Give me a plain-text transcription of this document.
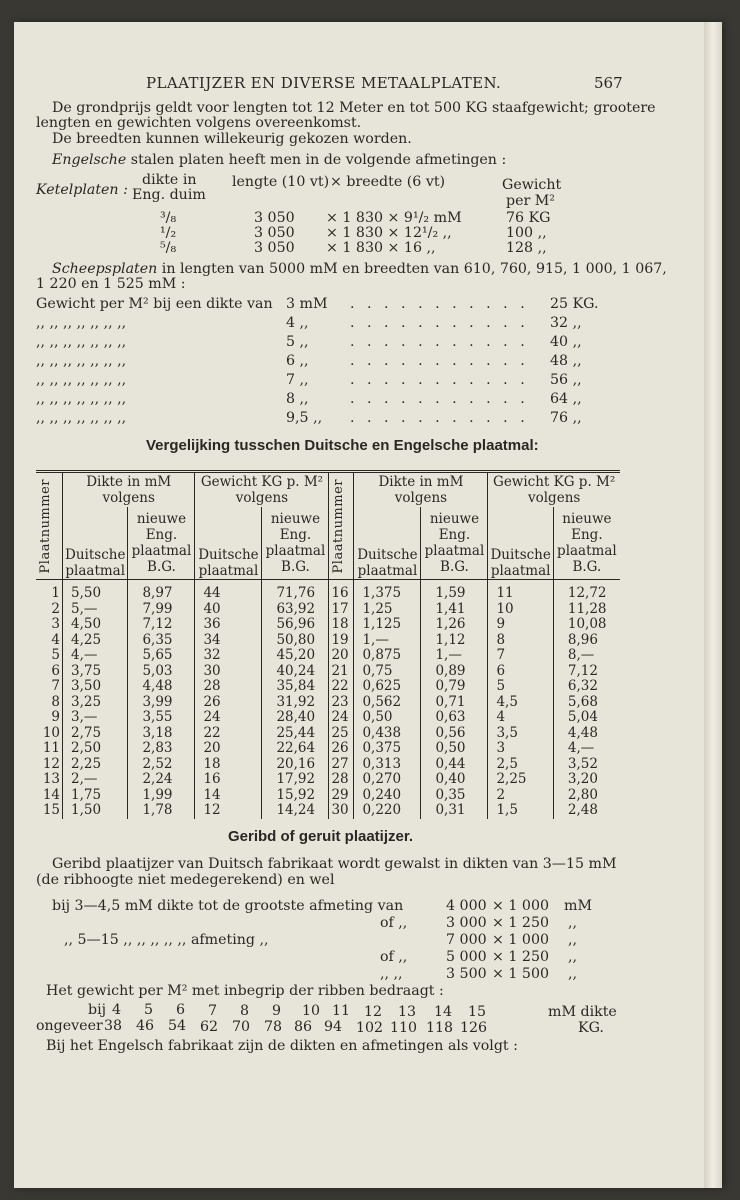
PLAATIJZER EN DIVERSE METAALPLATEN.	567
De grondprijs geldt voor lengten tot 12 Meter en tot 500 KG staafgewicht; grootere
lengten en gewichten volgens overeenkomst.
De breedten kunnen willekeurig gekozen worden.
Engelsche stalen platen heeft men in de volgende afmetingen :
Ketelplaten :
dikte in
Eng. duim
lengte (10 vt) × breedte (6 vt)	Gewicht
per M²
³/₈	3 050 × 1 830 × 9¹/₂ mM	76 KG
¹/₂	3 050 × 1 830 × 12¹/₂ ,,	100 ,,
⁵/₈	3 050 × 1 830 × 16 ,,	128 ,,
Scheepsplaten in lengten van 5000 mM en breedten van 610, 760, 915, 1 000, 1 067,
1 220 en 1 525 mM :
Gewicht per M² bij een dikte van 3 mM . . . . . . . . . . . 25 KG.
,, ,, ,, ,, ,, ,, ,,	4 ,,	. . . . . . . . . . . 32 ,,
,, ,, ,, ,, ,, ,, ,,	5 ,,	. . . . . . . . . . . 40 ,,
,, ,, ,, ,, ,, ,, ,,	6 ,,	. . . . . . . . . . . 48 ,,
,, ,, ,, ,, ,, ,, ,,	7 ,,	. . . . . . . . . . . 56 ,,
,, ,, ,, ,, ,, ,, ,,	8 ,,	. . . . . . . . . . . 64 ,,
,, ,, ,, ,, ,, ,, ,,	9,5 ,, . . . . . . . . . . . 76 ,,
Vergelijking tusschen Duitsche en Engelsche plaatmal:
Plaatnummer	Dikte in mM volgens		Gewicht KG p. M² volgens		Plaatnummer	Dikte in mM volgens		Gewicht KG p. M² volgens	
	Duitsche plaatmal	nieuwe Eng. plaatmal B.G.	Duitsche plaatmal	nieuwe Eng. plaatmal B.G.		Duitsche plaatmal	nieuwe Eng. plaatmal B.G.	Duitsche plaatmal	nieuwe Eng. plaatmal B.G.
1	5,50	8,97	44	71,76	16	1,375	1,59	11	12,72
2	5,—	7,99	40	63,92	17	1,25	1,41	10	11,28
3	4,50	7,12	36	56,96	18	1,125	1,26	9	10,08
4	4,25	6,35	34	50,80	19	1,—	1,12	8	8,96
5	4,—	5,65	32	45,20	20	0,875	1,—	7	8,—
6	3,75	5,03	30	40,24	21	0,75	0,89	6	7,12
7	3,50	4,48	28	35,84	22	0,625	0,79	5	6,32
8	3,25	3,99	26	31,92	23	0,562	0,71	4,5	5,68
9	3,—	3,55	24	28,40	24	0,50	0,63	4	5,04
10	2,75	3,18	22	25,44	25	0,438	0,56	3,5	4,48
11	2,50	2,83	20	22,64	26	0,375	0,50	3	4,—
12	2,25	2,52	18	20,16	27	0,313	0,44	2,5	3,52
13	2,—	2,24	16	17,92	28	0,270	0,40	2,25	3,20
14	1,75	1,99	14	15,92	29	0,240	0,35	2	2,80
15	1,50	1,78	12	14,24	30	0,220	0,31	1,5	2,48
Geribd of geruit plaatijzer.
Geribd plaatijzer van Duitsch fabrikaat wordt gewalst in dikten van 3—15 mM
(de ribhoogte niet medegerekend) en wel
bij 3—4,5 mM dikte tot de grootste afmeting van	4 000 × 1 000 mM
of ,,	3 000 × 1 250 ,,
,, 5—15 ,, ,, ,, ,, ,, afmeting ,,	7 000 × 1 000 ,,
of ,,	5 000 × 1 250 ,,
,, ,,	3 500 × 1 500 ,,
Het gewicht per M² met inbegrip der ribben bedraagt :
bij 4 5 6 7 8 9 10 11 12 13 14 15	mM dikte
ongeveer 38 46 54 62 70 78 86 94 102 110 118 126	KG.
Bij het Engelsch fabrikaat zijn de dikten en afmetingen als volgt :
